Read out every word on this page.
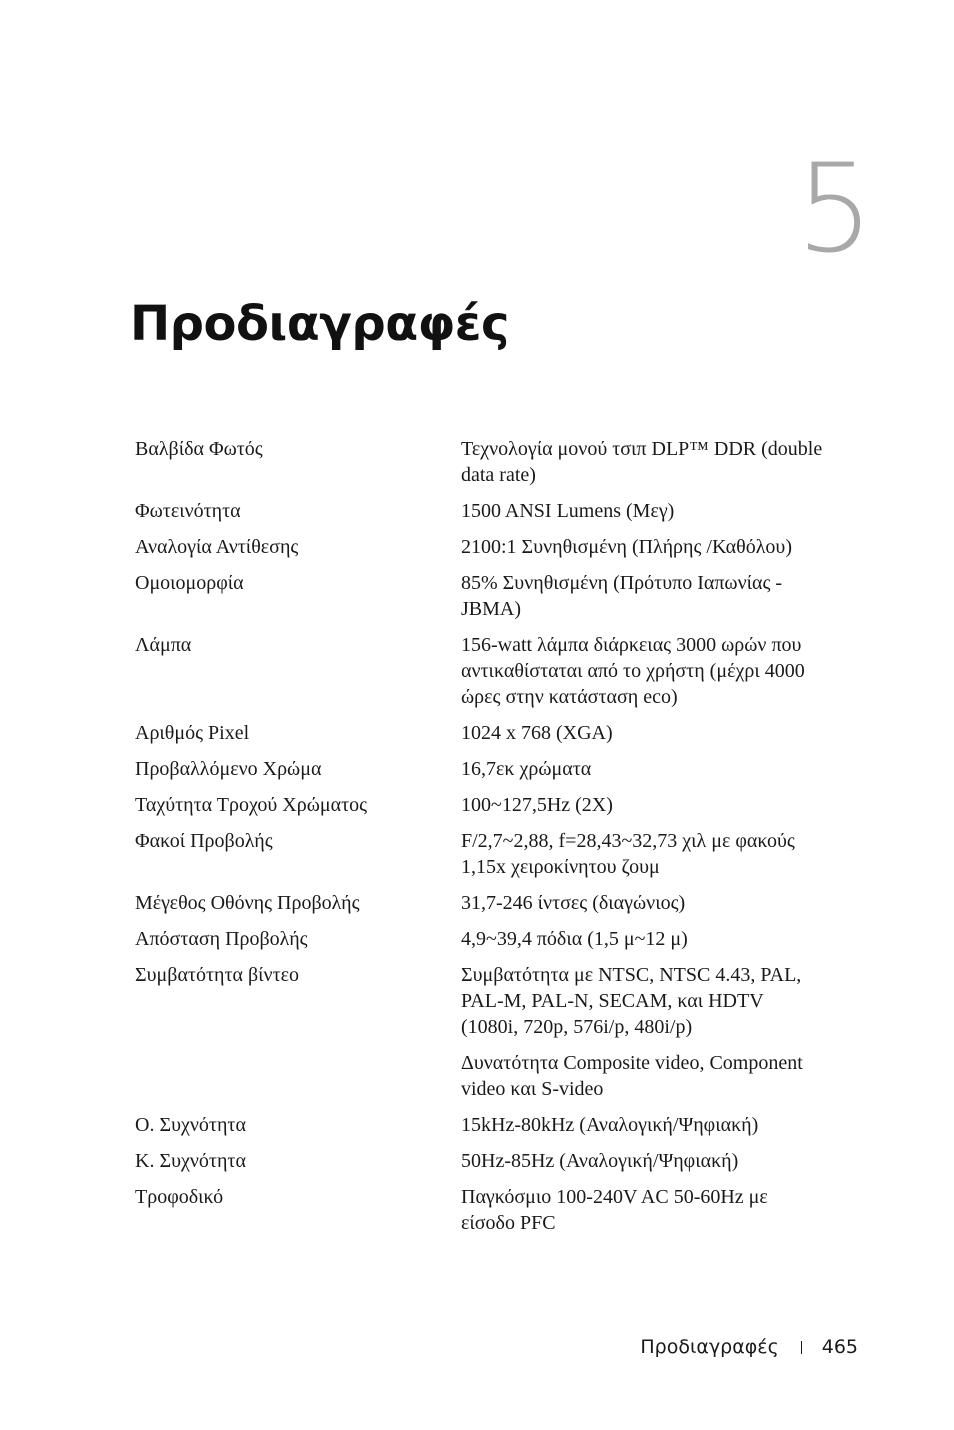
5
Προδιαγραφές
Βαλβίδα Φωτός	Τεχνολογία μονού τσιπ DLP™ DDR (double data rate)
Φωτεινότητα	1500 ANSI Lumens (Mεγ)
Αναλογία Αντίθεσης	2100:1 Συνηθισμένη (Πλήρης /Καθόλου)
Ομοιομορφία	85% Συνηθισμένη (Πρότυπο Ιαπωνίας - JBMA)
Λάμπα	156-watt λάμπα διάρκειας 3000 ωρών που αντικαθίσταται από το χρήστη (μέχρι 4000 ώρες στην κατάσταση eco)
Αριθμός Pixel	1024 x 768 (XGA)
Προβαλλόμενο Χρώμα	16,7εκ χρώματα
Ταχύτητα Τροχού Χρώματος	100~127,5Hz (2X)
Φακοί Προβολής	F/2,7~2,88, f=28,43~32,73 χιλ με φακούς 1,15x χειροκίνητου ζουμ
Μέγεθος Οθόνης Προβολής	31,7-246 ίντσες (διαγώνιος)
Απόσταση Προβολής	4,9~39,4 πόδια (1,5 μ~12 μ)
Συμβατότητα βίντεο	Συμβατότητα με NTSC, NTSC 4.43, PAL, PAL-M, PAL-N, SECAM, και HDTV (1080i, 720p, 576i/p, 480i/p)
Δυνατότητα Composite video, Component video και S-video
Ο. Συχνότητα	15kHz-80kHz (Αναλογική/Ψηφιακή)
Κ. Συχνότητα	50Hz-85Hz (Αναλογική/Ψηφιακή)
Τροφοδικό	Παγκόσμιο 100-240V AC 50-60Hz με είσοδο PFC
Προδιαγραφές 465
